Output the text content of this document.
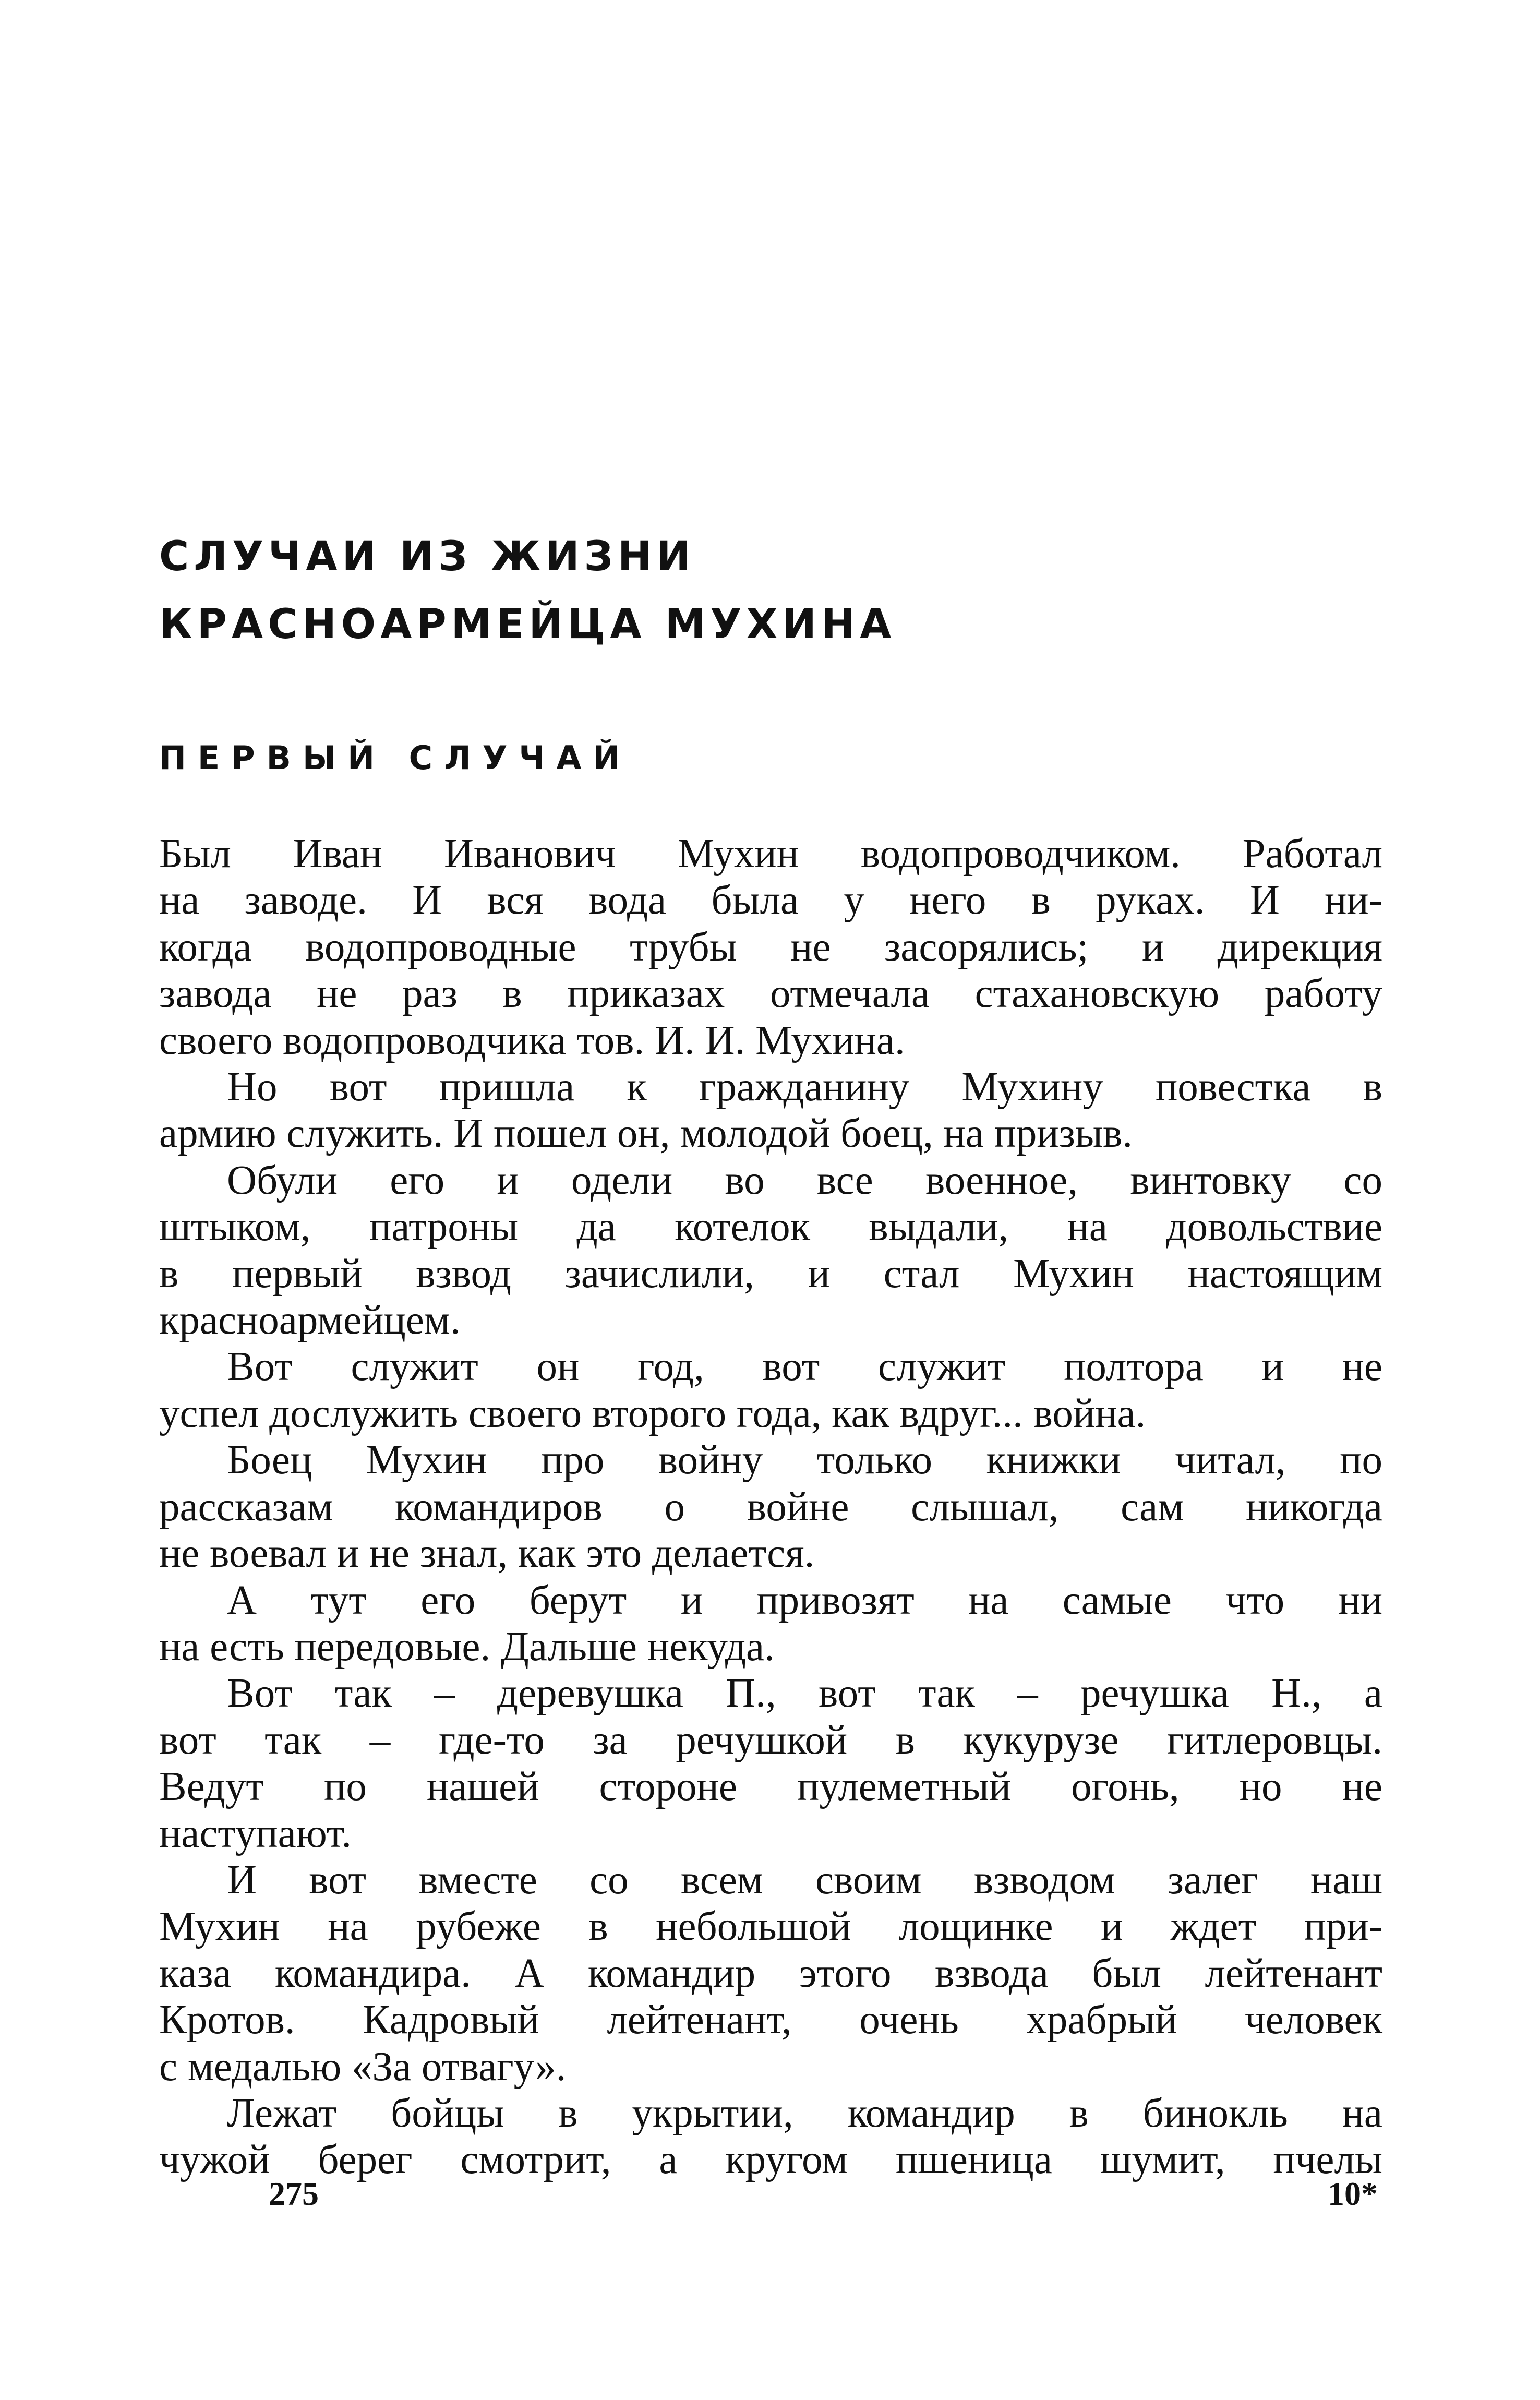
СЛУЧАИ ИЗ ЖИЗНИ
КРАСНОАРМЕЙЦА МУХИНА
ПЕРВЫЙ СЛУЧАЙ

Был Иван Иванович Мухин водопроводчиком. Работал
на заводе. И вся вода была у него в руках. И ни-
когда водопроводные трубы не засорялись; и дирекция
завода не раз в приказах отмечала стахановскую работу
своего водопроводчика тов. И. И. Мухина.

Но вот пришла к гражданину Мухину повестка в
армию служить. И пошел он, молодой боец, на призыв.

Обули его и одели во все военное, винтовку со
штыком, патроны да котелок выдали, на довольствие
в первый взвод зачислили, и стал Мухин настоящим
красноармейцем.

Вот служит он год, вот служит полтора и не
успел дослужить своего второго года, как вдруг... война.

Боец Мухин про войну только книжки читал, по
рассказам командиров о войне слышал, сам никогда
не воевал и не знал, как это делается.

А тут его берут и привозят на самые что ни
на есть передовые. Дальше некуда.

Вот так – деревушка П., вот так – речушка Н., а
вот так – где-то за речушкой в кукурузе гитлеровцы.
Ведут по нашей стороне пулеметный огонь, но не
наступают.

И вот вместе со всем своим взводом залег наш
Мухин на рубеже в небольшой лощинке и ждет при-
каза командира. А командир этого взвода был лейтенант
Кротов. Кадровый лейтенант, очень храбрый человек
с медалью «За отвагу».

Лежат бойцы в укрытии, командир в бинокль на
чужой берег смотрит, а кругом пшеница шумит, пчелы

275	10*
